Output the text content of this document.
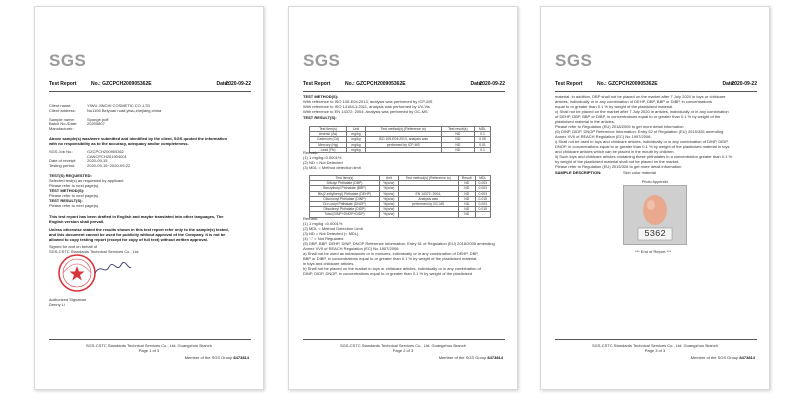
SGS
Test Report	No.: GZCPCH200905362E	Date:
2020-09-22
Client name:	YIWU JINCHI COSMETIC CO.,LTD
Client address:	No1106 Beiyuan road,yiwu,zhejiang,china
Sample name:	Sponge puff
Batch No./Date: 20200807
Manufacturer:
Above sample(s) was/were submitted and identified by the client, SGS quoted the information
with no responsibility as to the accuracy, adequacy and/or completeness.
SGS Job No.:	GZCPCH200905362
CANCPCH201904001
Date of receipt:	2020-09-15
Testing period:	2020-09-15~2020-09-22
TEST(S) REQUESTED:
Selected test(s) as requested by applicant
Please refer to next page(s).
TEST METHOD(S):
Please refer to next page(s).
TEST RESULT(S):
Please refer to next page(s).
This test report has been drafted in English and maybe translated into other languages, The
English version shall prevail.
Unless otherwise stated the results shown in this test report refer only to the sample(s) tested,
and this document cannot be used for publicity without approval of the Company. It is not be
allowed to copy testing report (except for copy of full text) without written approval.
Signed for and on behalf of
SGS-CSTC Standards Technical Services Co., Ltd.
Authorized Signature
Denny Li
SGS-CSTC Standards Technical Services Co., Ltd. Guangzhou Branch
Page 1 of 3
Member of the SGS Group 8473814
SGS
Test Report	No.: GZCPCH200905362E	Date:
2020-09-22
TEST METHOD(S):
With reference to ISO 105-E04:2013, analysis was performed by ICP-MS
With reference to ISO 14184-1:2011, analysis was performed by UV-Vis
With reference to EN 14372: 2004, Analysis was performed by GC-MS
TEST RESULT(S):
Test Item(s)	Unit	Test method(s) (Reference to)	Test result(s)	MDL
Arsenic (As)	mg/kg		ND	0.1
Cadmium (Cd)	mg/kg	ISO 105-E04:2013, analysis was	ND	0.05
Mercury (Hg)	mg/kg	performed by ICP-MS	ND	0.01
Lead (Pb)	mg/kg		ND	0.1
Remark:
(1) 1 mg/kg=0.0001%
(2) ND = Not Detected
(3) MDL = Method detection limit
Test Item(s)	Unit	Test method(s) (Reference to)	Result	MDL
Dibutyl Phthalate (DBP)	%(w/w)		ND	0.003
Benzylbutyl Phthalate (BBP)	%(w/w)		ND	0.003
Bis(2-ethylhexyl) Phthalate (DEHP)	%(w/w)	EN 14372: 2004,	ND	0.003
Diisononyl Phthalate (DINP)	%(w/w)	Analysis was	ND	0.015
Di-n-octyl Phthalate (DNOP)	%(w/w)	performed by GC-MS	ND	0.003
Diisodecyl Phthalate (DIDP)	%(w/w)		ND	0.015
Total (DINP+DNOP+DIDP)	%(w/w)		ND	-
Remark:
(1) 1 mg/kg =0.0001%
(2) MDL = Method Detection Limit
(3) ND = Not Detected (< MDL)
(4) "-" = Not Regulated
(5) DBP, BBP, DEHP, DINP, DNOP Reference Information: Entry 51 of Regulation (EU) 2018/2005 amending
Annex XVII of REACH Regulation (EC) No 1907/2006:
a) Shall not be used as substances or in mixtures, individually or in any combination of DEHP, DBP,
BBP or DIBP, in concentrations equal to or greater than 0.1 % by weight of the plasticised material,
in toys and childcare articles.
b) Shall not be placed on the market in toys or childcare articles, individually or in any combination of
DINP, DIDP, DNOP, in concentrations equal to or greater than 0.1 % by weight of the plasticised
SGS-CSTC Standards Technical Services Co., Ltd. Guangzhou Branch
Page 2 of 3
Member of the SGS Group 8473814
SGS
Test Report	No.: GZCPCH200905362E	Date:
2020-09-22
material. In addition, DBP shall not be placed on the market after 7 July 2020 in toys or childcare
articles, individually or in any combination of DEHP, DBP, BBP or DIBP, in concentrations
equal to or greater than 0.1 % by weight of the plasticised material.
c) Shall not be placed on the market after 7 July 2020 in articles, individually or in any combination
of DEHP, DBP, BBP or DIBP, in concentrations equal to or greater than 0.1 % by weight of the
plasticised material in the articles.
Please refer to Regulation (EU) 2018/2005 to get more detail information
(6) DINP, DIDP, DNOP Reference Information: Entry 52 of Regulation (EU) 2015/326 amending
Annex XVII of REACH Regulation (EC) No 1907/2006:
i) Shall not be used in toys and childcare articles, individually or in any combination of DINP, DIDP,
DNOP, in concentrations equal to or greater than 0.1 % by weight of the plasticised material in toys
and childcare articles which can be placed in the mouth by children.
ii) Such toys and childcare articles containing these phthalates in a concentration greater than 0.1 %
by weight of the plasticised material shall not be placed on the market.
Please refer to Regulation (EU) 2015/326 to get more detail information
SAMPLE DESCRIPTION:	Skin color material
Photo Appendix
5362
*** End of Report ***
SGS-CSTC Standards Technical Services Co., Ltd. Guangzhou Branch
Page 3 of 3
Member of the SGS Group 8473814
